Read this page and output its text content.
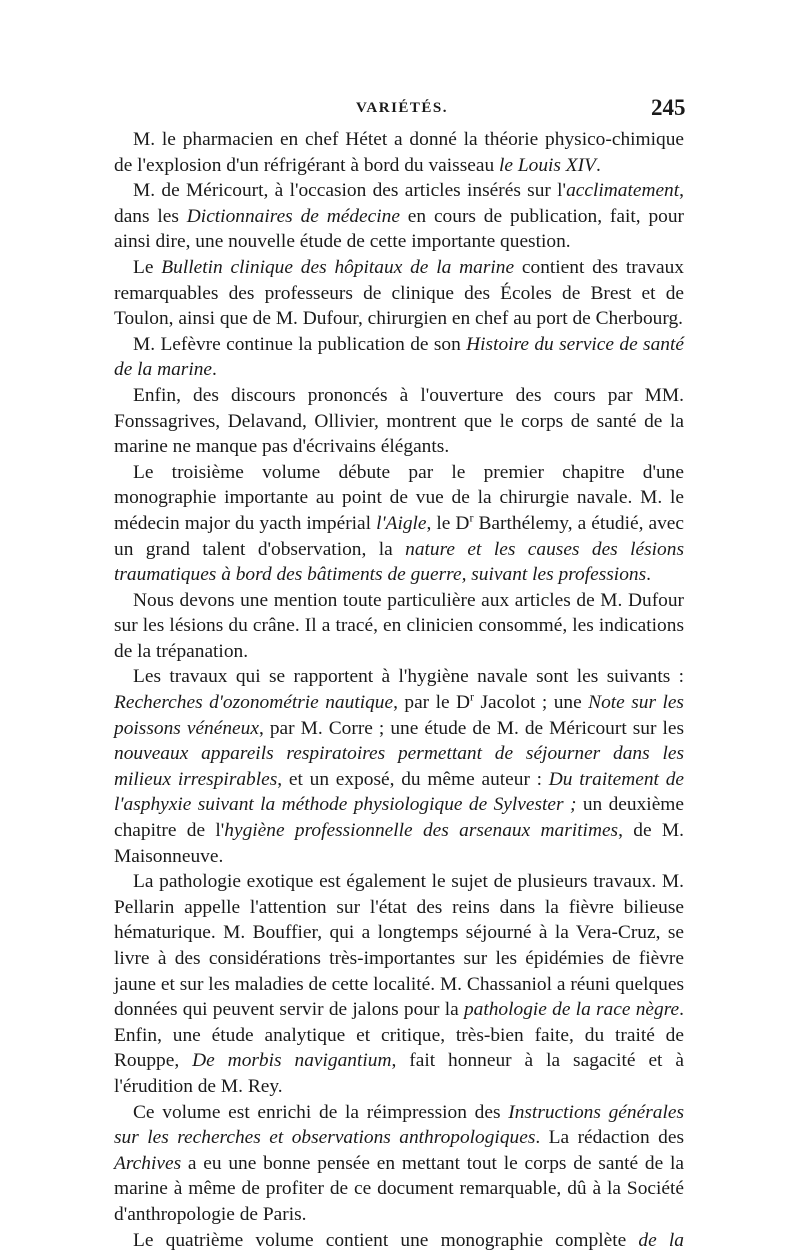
VARIÉTÉS.	245

M. le pharmacien en chef Hétet a donné la théorie physico-chimique de l'explosion d'un réfrigérant à bord du vaisseau le Louis XIV.

M. de Méricourt, à l'occasion des articles insérés sur l'acclimatement, dans les Dictionnaires de médecine en cours de publication, fait, pour ainsi dire, une nouvelle étude de cette importante question.

Le Bulletin clinique des hôpitaux de la marine contient des travaux remarquables des professeurs de clinique des Écoles de Brest et de Toulon, ainsi que de M. Dufour, chirurgien en chef au port de Cherbourg.

M. Lefèvre continue la publication de son Histoire du service de santé de la marine.

Enfin, des discours prononcés à l'ouverture des cours par MM. Fonssagrives, Delavand, Ollivier, montrent que le corps de santé de la marine ne manque pas d'écrivains élégants.

Le troisième volume débute par le premier chapitre d'une monographie importante au point de vue de la chirurgie navale. M. le médecin major du yacth impérial l'Aigle, le $D^r$ Barthélemy, a étudié, avec un grand talent d'observation, la nature et les causes des lésions traumatiques à bord des bâtiments de guerre, suivant les professions.

Nous devons une mention toute particulière aux articles de M. Dufour sur les lésions du crâne. Il a tracé, en clinicien consommé, les indications de la trépanation.

Les travaux qui se rapportent à l'hygiène navale sont les suivants : Recherches d'ozonométrie nautique, par le $D^r$ Jacolot ; une Note sur les poissons vénéneux, par M. Corre ; une étude de M. de Méricourt sur les nouveaux appareils respiratoires permettant de séjourner dans les milieux irrespirables, et un exposé, du même auteur : Du traitement de l'asphyxie suivant la méthode physiologique de Sylvester ; un deuxième chapitre de l'hygiène professionnelle des arsenaux maritimes, de M. Maisonneuve.

La pathologie exotique est également le sujet de plusieurs travaux. M. Pellarin appelle l'attention sur l'état des reins dans la fièvre bilieuse hématurique. M. Bouffier, qui a longtemps séjourné à la Vera-Cruz, se livre à des considérations très-importantes sur les épidémies de fièvre jaune et sur les maladies de cette localité. M. Chassaniol a réuni quelques données qui peuvent servir de jalons pour la pathologie de la race nègre. Enfin, une étude analytique et critique, très-bien faite, du traité de Rouppe, De morbis navigantium, fait honneur à la sagacité et à l'érudition de M. Rey.

Ce volume est enrichi de la réimpression des Instructions générales sur les recherches et observations anthropologiques. La rédaction des Archives a eu une bonne pensée en mettant tout le corps de santé de la marine à même de profiter de ce document remarquable, dû à la Société d'anthropologie de Paris.

Le quatrième volume contient une monographie complète de la
